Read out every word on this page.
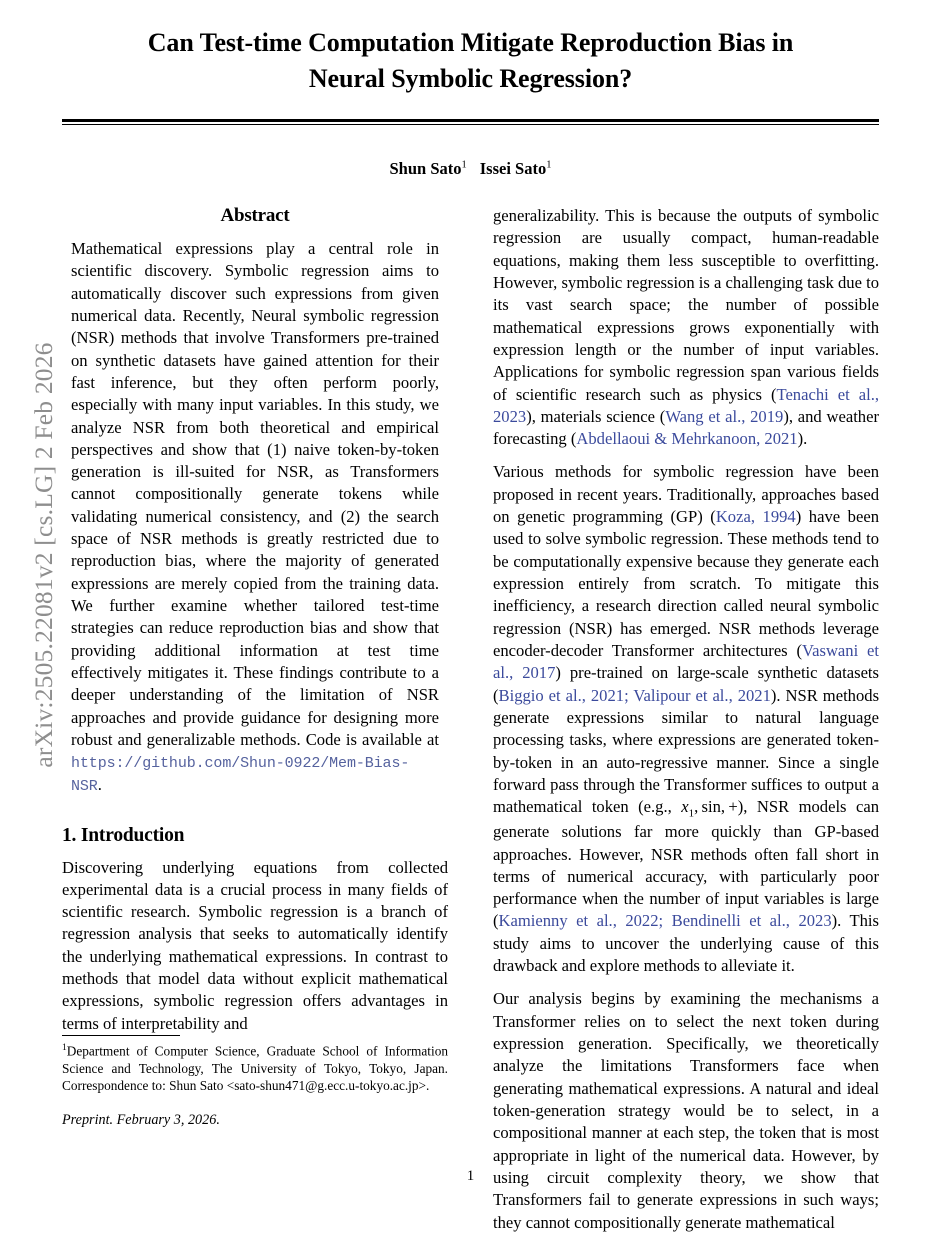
arXiv:2505.22081v2 [cs.LG] 2 Feb 2026
Can Test-time Computation Mitigate Reproduction Bias in
Neural Symbolic Regression?
Shun Sato$^1$ Issei Sato$^1$
Abstract

Mathematical expressions play a central role in scientific discovery. Symbolic regression aims to automatically discover such expressions from given numerical data. Recently, Neural symbolic regression (NSR) methods that involve Transformers pre-trained on synthetic datasets have gained attention for their fast inference, but they often perform poorly, especially with many input variables. In this study, we analyze NSR from both theoretical and empirical perspectives and show that (1) naive token-by-token generation is ill-suited for NSR, as Transformers cannot compositionally generate tokens while validating numerical consistency, and (2) the search space of NSR methods is greatly restricted due to reproduction bias, where the majority of generated expressions are merely copied from the training data. We further examine whether tailored test-time strategies can reduce reproduction bias and show that providing additional information at test time effectively mitigates it. These findings contribute to a deeper understanding of the limitation of NSR approaches and provide guidance for designing more robust and generalizable methods. Code is available at https://github.com/Shun-0922/Mem-Bias-NSR.

1. Introduction

Discovering underlying equations from collected experimental data is a crucial process in many fields of scientific research. Symbolic regression is a branch of regression analysis that seeks to automatically identify the underlying mathematical expressions. In contrast to methods that model data without explicit mathematical expressions, symbolic regression offers advantages in terms of interpretability and

generalizability. This is because the outputs of symbolic regression are usually compact, human-readable equations, making them less susceptible to overfitting. However, symbolic regression is a challenging task due to its vast search space; the number of possible mathematical expressions grows exponentially with expression length or the number of input variables. Applications for symbolic regression span various fields of scientific research such as physics (Tenachi et al., 2023), materials science (Wang et al., 2019), and weather forecasting (Abdellaoui & Mehrkanoon, 2021).

Various methods for symbolic regression have been proposed in recent years. Traditionally, approaches based on genetic programming (GP) (Koza, 1994) have been used to solve symbolic regression. These methods tend to be computationally expensive because they generate each expression entirely from scratch. To mitigate this inefficiency, a research direction called neural symbolic regression (NSR) has emerged. NSR methods leverage encoder-decoder Transformer architectures (Vaswani et al., 2017) pre-trained on large-scale synthetic datasets (Biggio et al., 2021; Valipour et al., 2021). NSR methods generate expressions similar to natural language processing tasks, where expressions are generated token-by-token in an auto-regressive manner. Since a single forward pass through the Transformer suffices to output a mathematical token (e.g., $x_1$, sin, +), NSR models can generate solutions far more quickly than GP-based approaches. However, NSR methods often fall short in terms of numerical accuracy, with particularly poor performance when the number of input variables is large (Kamienny et al., 2022; Bendinelli et al., 2023). This study aims to uncover the underlying cause of this drawback and explore methods to alleviate it.

Our analysis begins by examining the mechanisms a Transformer relies on to select the next token during expression generation. Specifically, we theoretically analyze the limitations Transformers face when generating mathematical expressions. A natural and ideal token-generation strategy would be to select, in a compositional manner at each step, the token that is most appropriate in light of the numerical data. However, by using circuit complexity theory, we show that Transformers fail to generate expressions in such ways; they cannot compositionally generate mathematical

$^1$Department of Computer Science, Graduate School of Information Science and Technology, The University of Tokyo, Tokyo, Japan. Correspondence to: Shun Sato <sato-shun471@g.ecc.u-tokyo.ac.jp>.

Preprint. February 3, 2026.

1
